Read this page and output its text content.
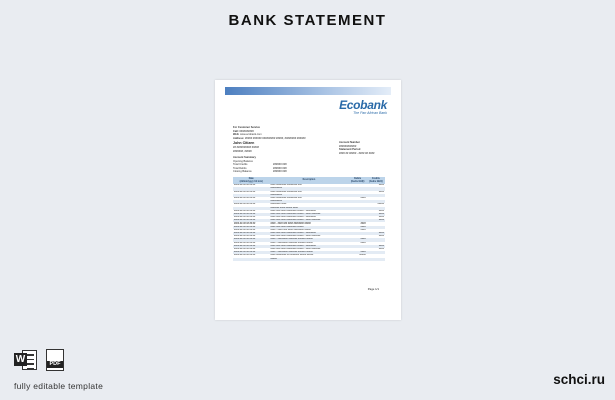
BANK STATEMENT
Ecobank
The Pan African Bank
For Customer Service
Call: ##########
Web: www.ecobank.com
Address: ##### ###### ######### #####, ######## ######
John Citizen
## ########## #####
#######, #####
Account Number
############
Statement Period
#### ## ##### - #### ## ####
Account Summary
Opening Balance
Total Credits	###### ###
Total Debits	###### ###
Closing Balance	###### ###
Date
(dd/mm/yyyy hh:mm)	Description	Debits
(Cedis GH₵)	Credits
(Cedis GH₵)
####-##-## ##:##:##	#### ######## ######## ###		####
	#########		
####-##-## ##:##:##	#### ######## ######## ###		####
	#########		
####-##-## ##:##:##	#### ######## ######## ###	####	
	#########		
####-##-## ##:##:##	######## ####		#####
	####### #### ##### ####		
####-##-## ##:##:##	#### ### #### ######## ##### - ########		####
####-##-## ##:##:##	#### ### #### ######## ##### - #### #######		####
####-##-## ##:##:##	#### ### #### ######## ##### - ########		####
####-##-## ##:##:##	#### ### #### ######## ##### - #### #######		####
####-##-## ##:##:##	#### - #### ### #### ######## #####	####	
####-##-## ##:##:##	#### ### #### ######## #####	####	
####-##-## ##:##:##	#### - #### ### #### ######## #####	####	
####-##-## ##:##:##	#### ### #### ######## ##### - ########		####
####-##-## ##:##:##	#### ### #### ######## ##### - #### #######		####
####-##-## ##:##:##	#### - ######## ####### ###### #####	####	
####-##-## ##:##:##	#### - ######## ####### ###### #####	####	
####-##-## ##:##:##	#### ### #### ######## ##### - ########		####
####-##-## ##:##:##	#### ### #### ######## ##### - #### #######		####
####-##-## ##:##:##	#### - ######## ####### ###### #####	####	
####-##-## ##:##:##	#### ######## ## ####### ##### #####	#####	
	#####		
Page 1/1
W	PDF
fully editable template	schci.ru
